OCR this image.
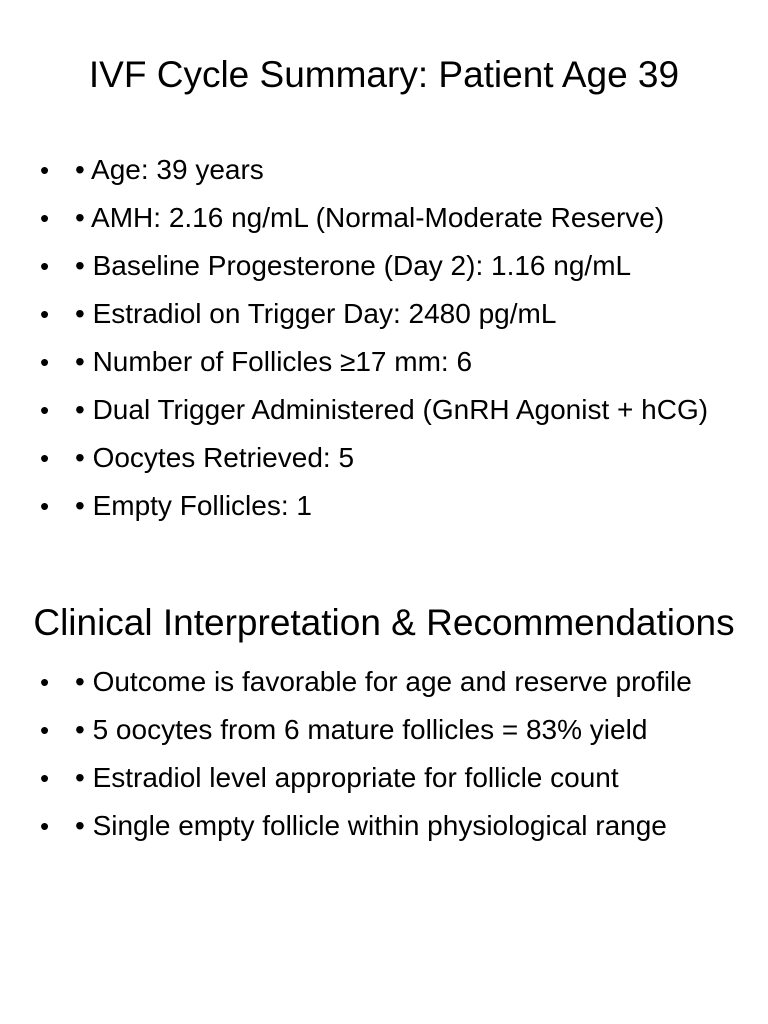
IVF Cycle Summary: Patient Age 39
• • Age: 39 years
• • AMH: 2.16 ng/mL (Normal-Moderate Reserve)
• • Baseline Progesterone (Day 2): 1.16 ng/mL
• • Estradiol on Trigger Day: 2480 pg/mL
• • Number of Follicles ≥17 mm: 6
• • Dual Trigger Administered (GnRH Agonist + hCG)
• • Oocytes Retrieved: 5
• • Empty Follicles: 1
Clinical Interpretation & Recommendations
• • Outcome is favorable for age and reserve profile
• • 5 oocytes from 6 mature follicles = 83% yield
• • Estradiol level appropriate for follicle count
• • Single empty follicle within physiological range
